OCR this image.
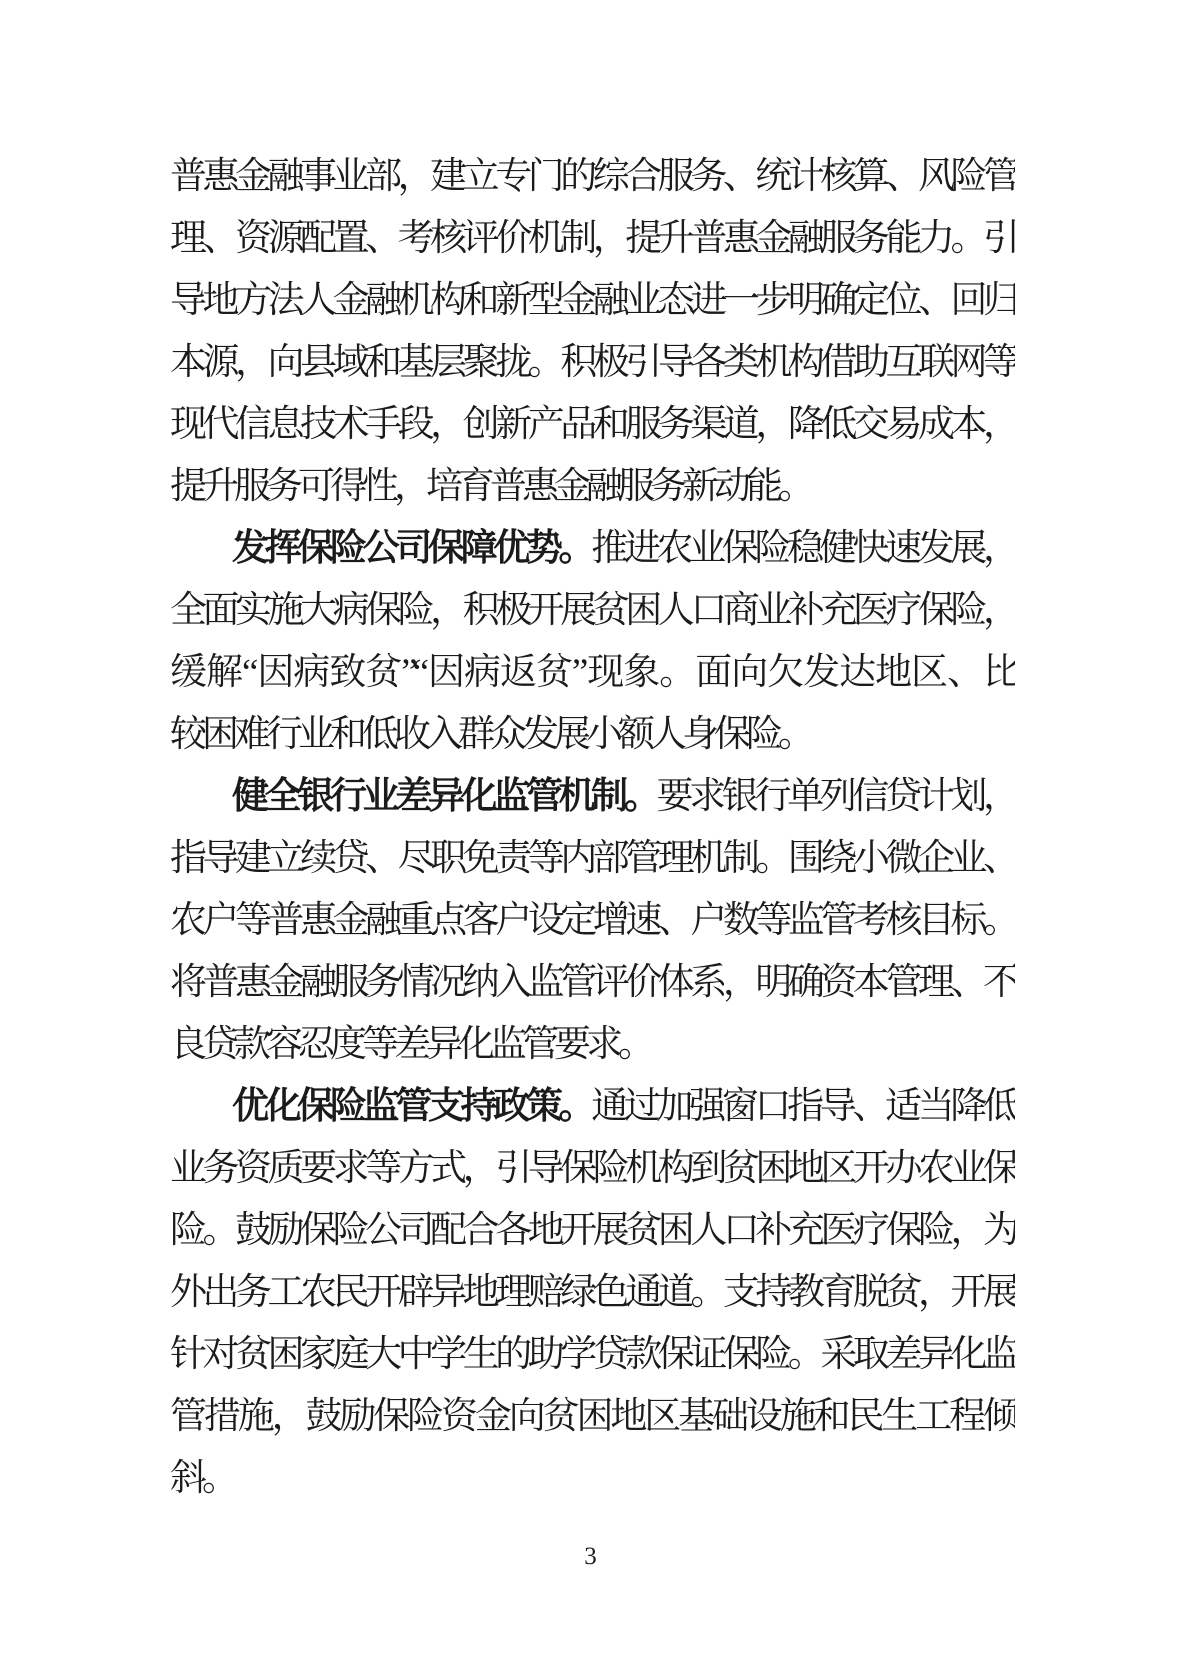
普惠金融事业部，建立专门的综合服务、统计核算、风险管
理、资源配置、考核评价机制，提升普惠金融服务能力。引
导地方法人金融机构和新型金融业态进一步明确定位、回归
本源，向县域和基层聚拢。积极引导各类机构借助互联网等
现代信息技术手段，创新产品和服务渠道，降低交易成本，
提升服务可得性，培育普惠金融服务新动能。
发挥保险公司保障优势。推进农业保险稳健快速发展，
全面实施大病保险，积极开展贫困人口商业补充医疗保险，
缓解“因病致贫”“因病返贫”现象。面向欠发达地区、比
较困难行业和低收入群众发展小额人身保险。
健全银行业差异化监管机制。要求银行单列信贷计划，
指导建立续贷、尽职免责等内部管理机制。围绕小微企业、
农户等普惠金融重点客户设定增速、户数等监管考核目标。
将普惠金融服务情况纳入监管评价体系，明确资本管理、不
良贷款容忍度等差异化监管要求。
优化保险监管支持政策。通过加强窗口指导、适当降低
业务资质要求等方式，引导保险机构到贫困地区开办农业保
险。鼓励保险公司配合各地开展贫困人口补充医疗保险，为
外出务工农民开辟异地理赔绿色通道。支持教育脱贫，开展
针对贫困家庭大中学生的助学贷款保证保险。采取差异化监
管措施，鼓励保险资金向贫困地区基础设施和民生工程倾
斜。
3
